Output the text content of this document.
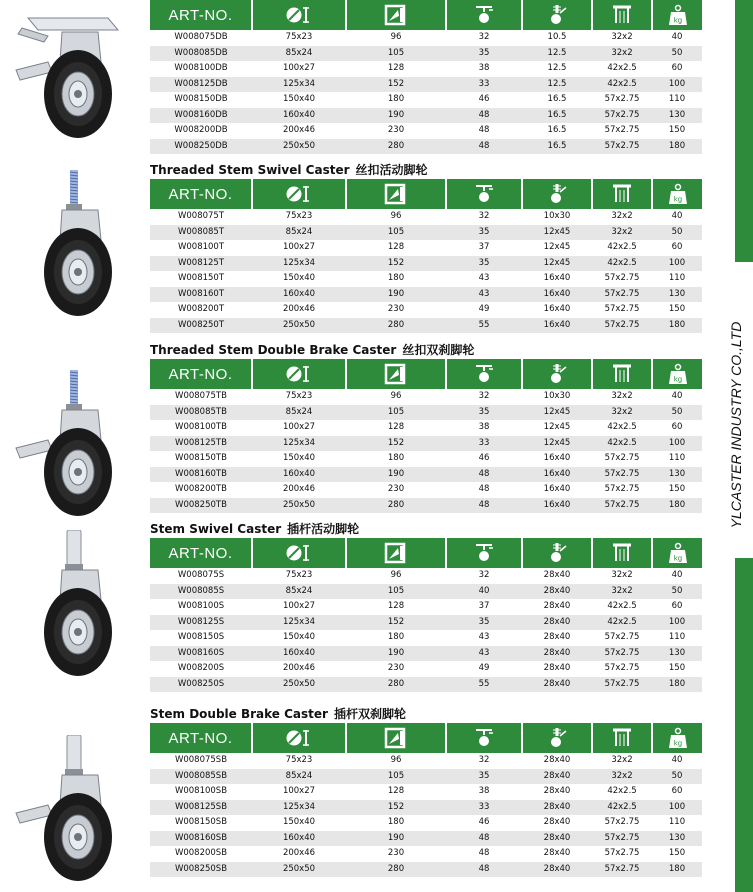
YLCASTER INDUSTRY CO.,LTD
ART-NO.						kg

W008075DB	75x23	96	32	10.5	32x2	40
W008085DB	85x24	105	35	12.5	32x2	50
W008100DB	100x27	128	38	12.5	42x2.5	60
W008125DB	125x34	152	33	12.5	42x2.5	100
W008150DB	150x40	180	46	16.5	57x2.75	110
W008160DB	160x40	190	48	16.5	57x2.75	130
W008200DB	200x46	230	48	16.5	57x2.75	150
W008250DB	250x50	280	48	16.5	57x2.75	180
Threaded Stem Swivel Caster 丝扣活动脚轮
ART-NO.						kg

W008075T	75x23	96	32	10x30	32x2	40
W008085T	85x24	105	35	12x45	32x2	50
W008100T	100x27	128	37	12x45	42x2.5	60
W008125T	125x34	152	35	12x45	42x2.5	100
W008150T	150x40	180	43	16x40	57x2.75	110
W008160T	160x40	190	43	16x40	57x2.75	130
W008200T	200x46	230	49	16x40	57x2.75	150
W008250T	250x50	280	55	16x40	57x2.75	180
Threaded Stem Double Brake Caster 丝扣双刹脚轮
ART-NO.						kg

W008075TB	75x23	96	32	10x30	32x2	40
W008085TB	85x24	105	35	12x45	32x2	50
W008100TB	100x27	128	38	12x45	42x2.5	60
W008125TB	125x34	152	33	12x45	42x2.5	100
W008150TB	150x40	180	46	16x40	57x2.75	110
W008160TB	160x40	190	48	16x40	57x2.75	130
W008200TB	200x46	230	48	16x40	57x2.75	150
W008250TB	250x50	280	48	16x40	57x2.75	180
Stem Swivel Caster 插杆活动脚轮
ART-NO.						kg

W008075S	75x23	96	32	28x40	32x2	40
W008085S	85x24	105	40	28x40	32x2	50
W008100S	100x27	128	37	28x40	42x2.5	60
W008125S	125x34	152	35	28x40	42x2.5	100
W008150S	150x40	180	43	28x40	57x2.75	110
W008160S	160x40	190	43	28x40	57x2.75	130
W008200S	200x46	230	49	28x40	57x2.75	150
W008250S	250x50	280	55	28x40	57x2.75	180
Stem Double Brake Caster 插杆双刹脚轮
ART-NO.						kg

W008075SB	75x23	96	32	28x40	32x2	40
W008085SB	85x24	105	35	28x40	32x2	50
W008100SB	100x27	128	38	28x40	42x2.5	60
W008125SB	125x34	152	33	28x40	42x2.5	100
W008150SB	150x40	180	46	28x40	57x2.75	110
W008160SB	160x40	190	48	28x40	57x2.75	130
W008200SB	200x46	230	48	28x40	57x2.75	150
W008250SB	250x50	280	48	28x40	57x2.75	180
